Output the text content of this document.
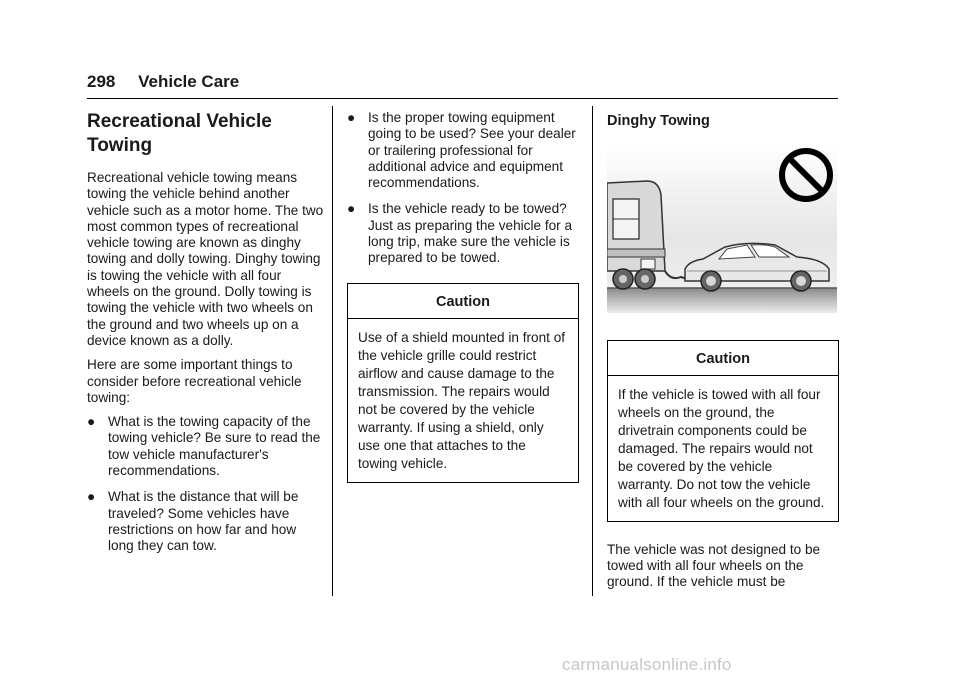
298 Vehicle Care
Recreational Vehicle Towing

Recreational vehicle towing means towing the vehicle behind another vehicle such as a motor home. The two most common types of recreational vehicle towing are known as dinghy towing and dolly towing. Dinghy towing is towing the vehicle with all four wheels on the ground. Dolly towing is towing the vehicle with two wheels on the ground and two wheels up on a device known as a dolly.

Here are some important things to consider before recreational vehicle towing:

● What is the towing capacity of the towing vehicle? Be sure to read the tow vehicle manufacturer's recommendations.
● What is the distance that will be traveled? Some vehicles have restrictions on how far and how long they can tow.
● Is the proper towing equipment going to be used? See your dealer or trailering professional for additional advice and equipment recommendations.
● Is the vehicle ready to be towed? Just as preparing the vehicle for a long trip, make sure the vehicle is prepared to be towed.
Caution
Use of a shield mounted in front of the vehicle grille could restrict airflow and cause damage to the transmission. The repairs would not be covered by the vehicle warranty. If using a shield, only use one that attaches to the towing vehicle.
Dinghy Towing
Caution
If the vehicle is towed with all four wheels on the ground, the drivetrain components could be damaged. The repairs would not be covered by the vehicle warranty. Do not tow the vehicle with all four wheels on the ground.

The vehicle was not designed to be towed with all four wheels on the ground. If the vehicle must be

carmanualsonline.info
